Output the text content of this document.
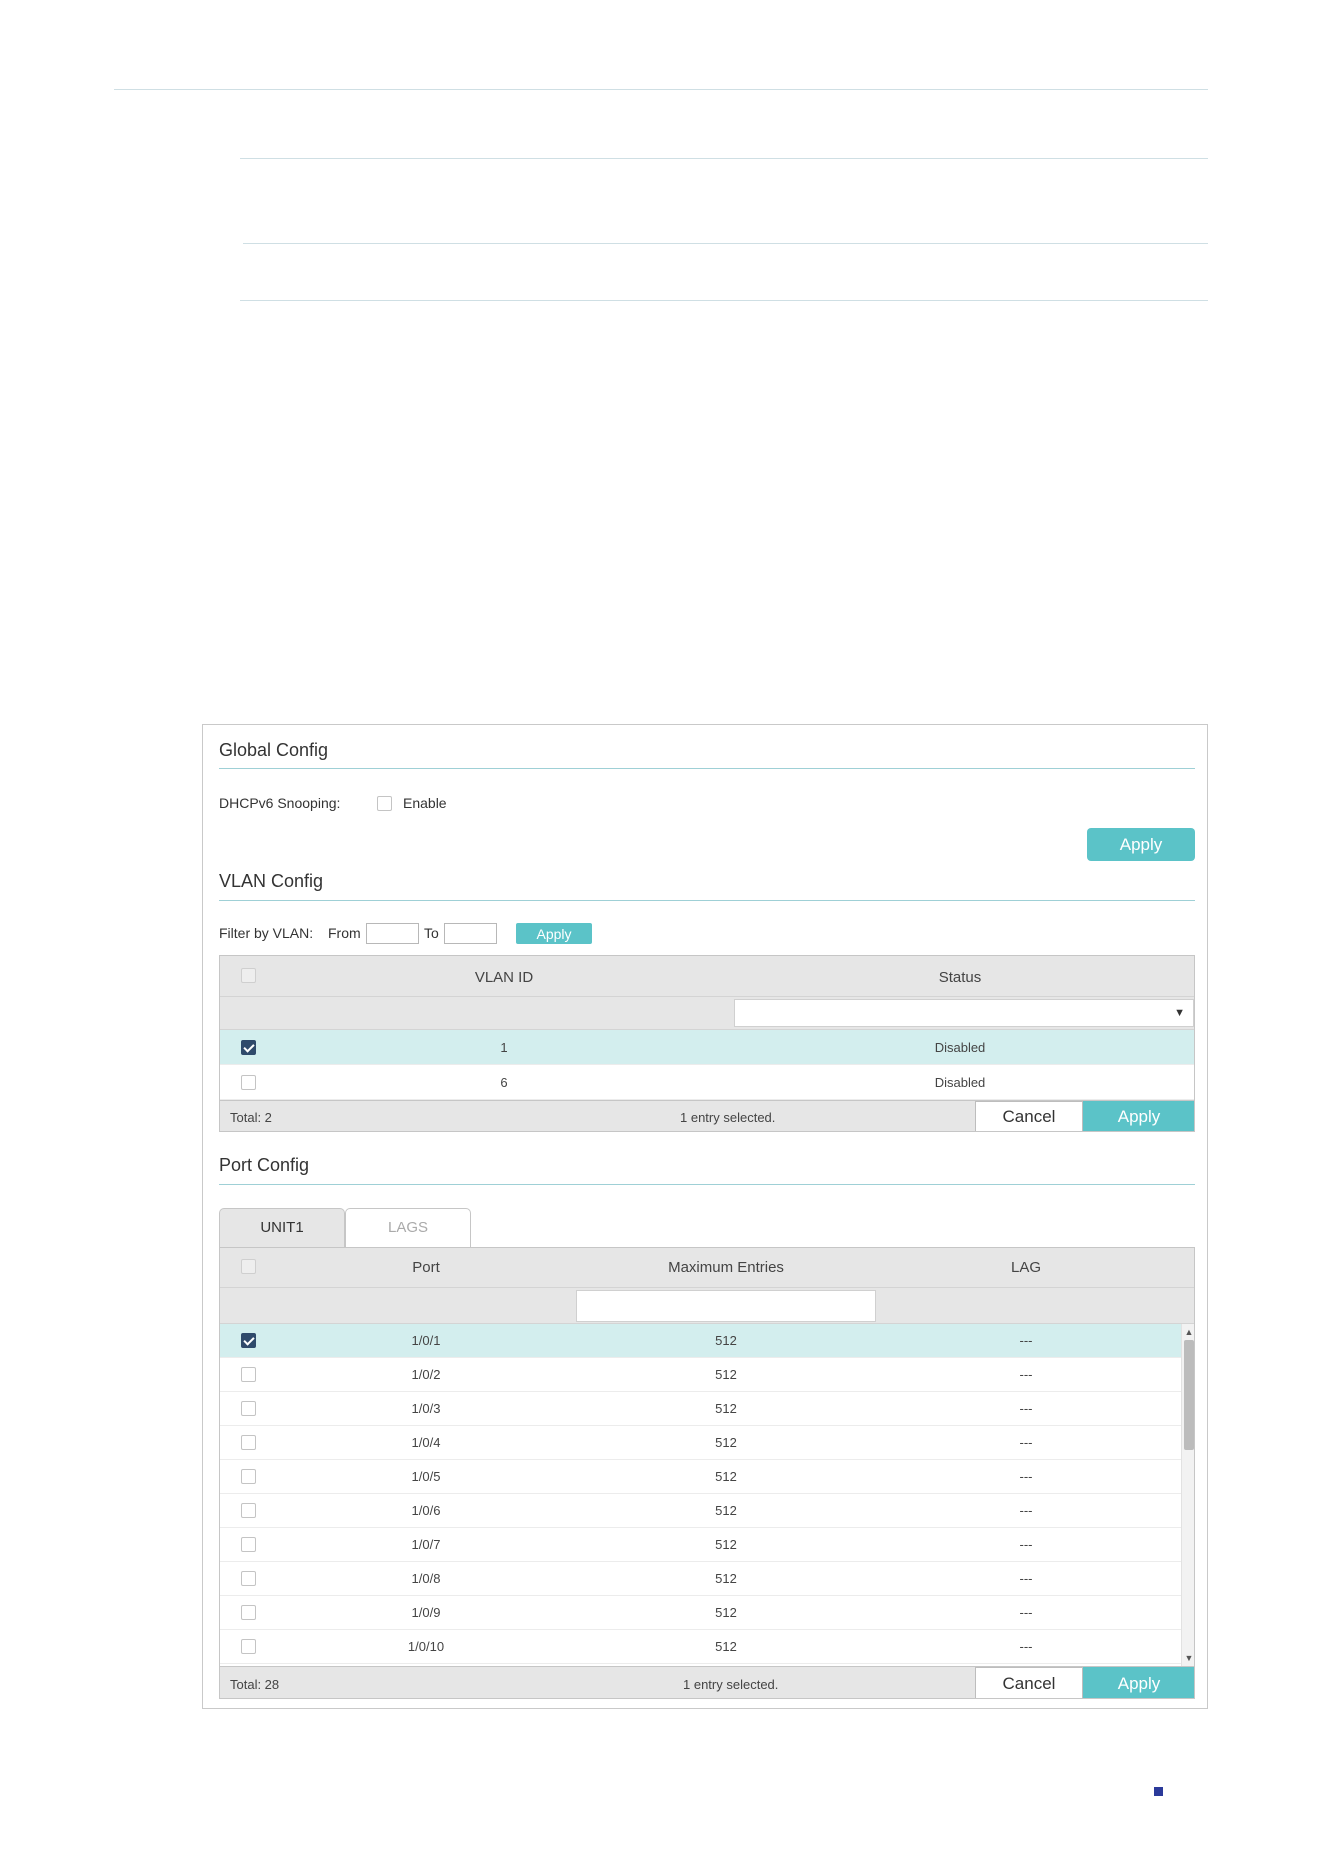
Global Config
DHCPv6 Snooping:	Enable
Apply
VLAN Config
Filter by VLAN: From	To	Apply
VLAN ID	Status
▼
1	Disabled
6	Disabled
Total: 2	1 entry selected.	Cancel	Apply
Port Config
UNIT1	LAGS
Port	Maximum Entries	LAG
1/0/1	512	---
1/0/2	512	---
1/0/3	512	---
1/0/4	512	---
1/0/5	512	---
1/0/6	512	---
1/0/7	512	---
1/0/8	512	---
1/0/9	512	---
1/0/10	512	---
▲
▼
Total: 28	1 entry selected.	Cancel	Apply
